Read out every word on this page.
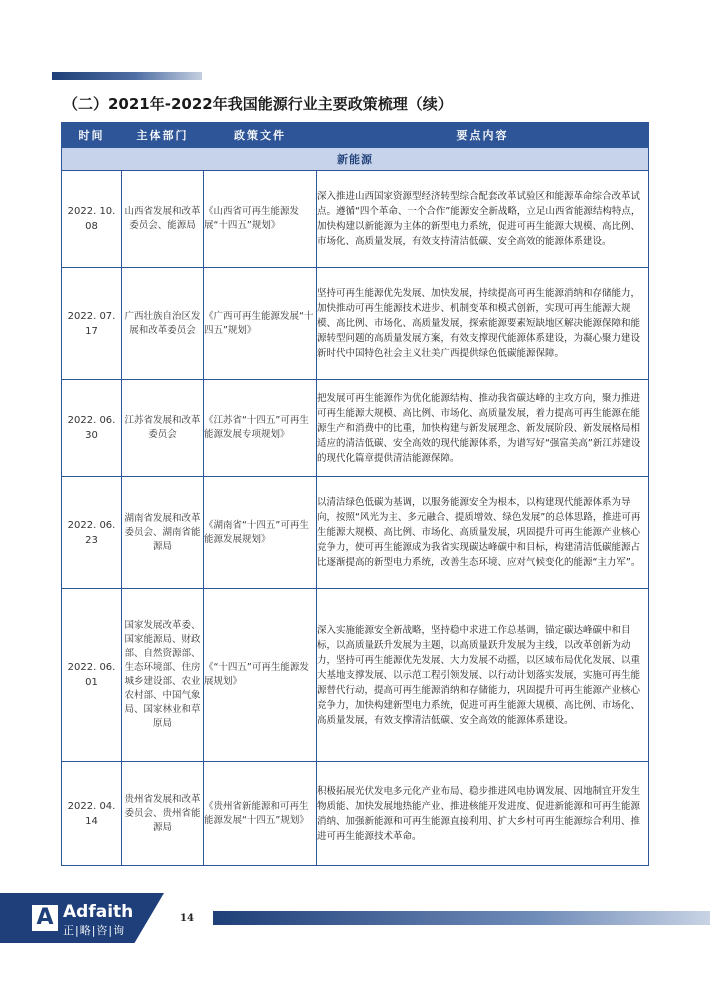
（二）2021年-2022年我国能源行业主要政策梳理（续）
时间	主体部门	政策文件	要点内容
新能源			
2022. 10. 08	山西省发展和改革委员会、能源局	《山西省可再生能源发展“十四五”规划》	深入推进山西国家资源型经济转型综合配套改革试验区和能源革命综合改革试点。遵循“四个革命、一个合作”能源安全新战略，立足山西省能源结构特点，加快构建以新能源为主体的新型电力系统，促进可再生能源大规模、高比例、市场化、高质量发展，有效支持清洁低碳、安全高效的能源体系建设。
2022. 07. 17	广西壮族自治区发展和改革委员会	《广西可再生能源发展“十四五”规划》	坚持可再生能源优先发展、加快发展，持续提高可再生能源消纳和存储能力，加快推动可再生能源技术进步、机制变革和模式创新，实现可再生能源大规模、高比例、市场化、高质量发展，探索能源要素短缺地区解决能源保障和能源转型问题的高质量发展方案，有效支撑现代能源体系建设，为凝心聚力建设新时代中国特色社会主义壮美广西提供绿色低碳能源保障。
2022. 06. 30	江苏省发展和改革委员会	《江苏省“十四五”可再生能源发展专项规划》	把发展可再生能源作为优化能源结构、推动我省碳达峰的主攻方向，聚力推进可再生能源大规模、高比例、市场化、高质量发展，着力提高可再生能源在能源生产和消费中的比重，加快构建与新发展理念、新发展阶段、新发展格局相适应的清洁低碳、安全高效的现代能源体系，为谱写好“强富美高”新江苏建设的现代化篇章提供清洁能源保障。
2022. 06. 23	湖南省发展和改革委员会、湖南省能源局	《湖南省“十四五”可再生能源发展规划》	以清洁绿色低碳为基调，以服务能源安全为根本，以构建现代能源体系为导向，按照“风光为主、多元融合、提质增效、绿色发展”的总体思路，推进可再生能源大规模、高比例、市场化、高质量发展，巩固提升可再生能源产业核心竞争力，使可再生能源成为我省实现碳达峰碳中和目标，构建清洁低碳能源占比逐渐提高的新型电力系统，改善生态环境、应对气候变化的能源“主力军”。
2022. 06. 01	国家发展改革委、国家能源局、财政部、自然资源部、生态环境部、住房城乡建设部、农业农村部、中国气象局、国家林业和草原局	《“十四五”可再生能源发展规划》	深入实施能源安全新战略，坚持稳中求进工作总基调，锚定碳达峰碳中和目标，以高质量跃升发展为主题，以高质量跃升发展为主线，以改革创新为动力，坚持可再生能源优先发展、大力发展不动摇，以区域布局优化发展、以重大基地支撑发展、以示范工程引领发展、以行动计划落实发展，实施可再生能源替代行动，提高可再生能源消纳和存储能力，巩固提升可再生能源产业核心竞争力，加快构建新型电力系统，促进可再生能源大规模、高比例、市场化、高质量发展，有效支撑清洁低碳、安全高效的能源体系建设。
2022. 04. 14	贵州省发展和改革委员会、贵州省能源局	《贵州省新能源和可再生能源发展“十四五”规划》	积极拓展光伏发电多元化产业布局、稳步推进风电协调发展、因地制宜开发生物质能、加快发展地热能产业、推进核能开发进度、促进新能源和可再生能源消纳、加强新能源和可再生能源直接利用、扩大乡村可再生能源综合利用、推进可再生能源技术革命。
A Adfaith
正|略|咨|询
14
